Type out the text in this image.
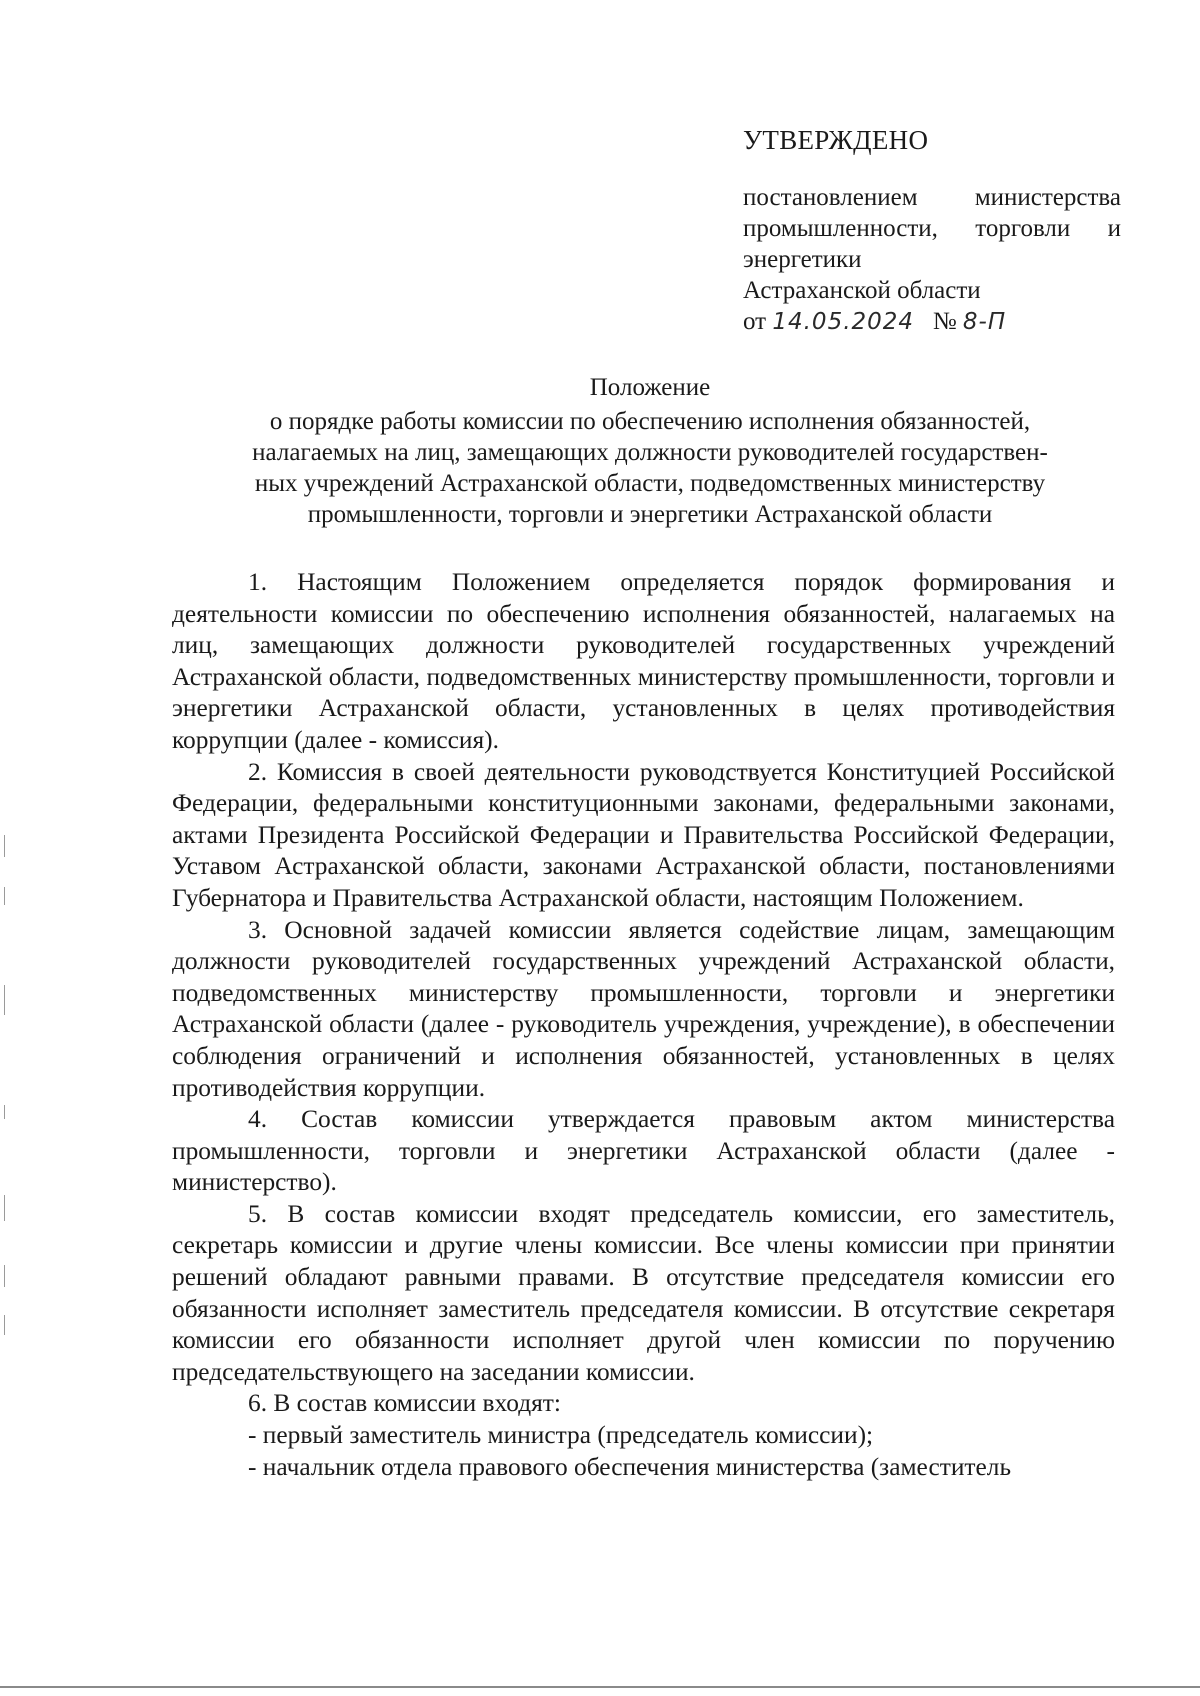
УТВЕРЖДЕНО
постановлением министерства
промышленности, торговли и
энергетики
Астраханской области
от 14.05.2024 № 8-П
Положение
о порядке работы комиссии по обеспечению исполнения обязанностей,
налагаемых на лиц, замещающих должности руководителей государствен-
ных учреждений Астраханской области, подведомственных министерству
промышленности, торговли и энергетики Астраханской области

1. Настоящим Положением определяется порядок формирования и деятельности комиссии по обеспечению исполнения обязанностей, налагаемых на лиц, замещающих должности руководителей государственных учреждений Астраханской области, подведомственных министерству промышленности, торговли и энергетики Астраханской области, установленных в целях противодействия коррупции (далее - комиссия).

2. Комиссия в своей деятельности руководствуется Конституцией Российской Федерации, федеральными конституционными законами, федеральными законами, актами Президента Российской Федерации и Правительства Российской Федерации, Уставом Астраханской области, законами Астраханской области, постановлениями Губернатора и Правительства Астраханской области, настоящим Положением.

3. Основной задачей комиссии является содействие лицам, замещающим должности руководителей государственных учреждений Астраханской области, подведомственных министерству промышленности, торговли и энергетики Астраханской области (далее - руководитель учреждения, учреждение), в обеспечении соблюдения ограничений и исполнения обязанностей, установленных в целях противодействия коррупции.

4. Состав комиссии утверждается правовым актом министерства промышленности, торговли и энергетики Астраханской области (далее - министерство).

5. В состав комиссии входят председатель комиссии, его заместитель, секретарь комиссии и другие члены комиссии. Все члены комиссии при принятии решений обладают равными правами. В отсутствие председателя комиссии его обязанности исполняет заместитель председателя комиссии. В отсутствие секретаря комиссии его обязанности исполняет другой член комиссии по поручению председательствующего на заседании комиссии.

6. В состав комиссии входят:

- первый заместитель министра (председатель комиссии);

- начальник отдела правового обеспечения министерства (заместитель
